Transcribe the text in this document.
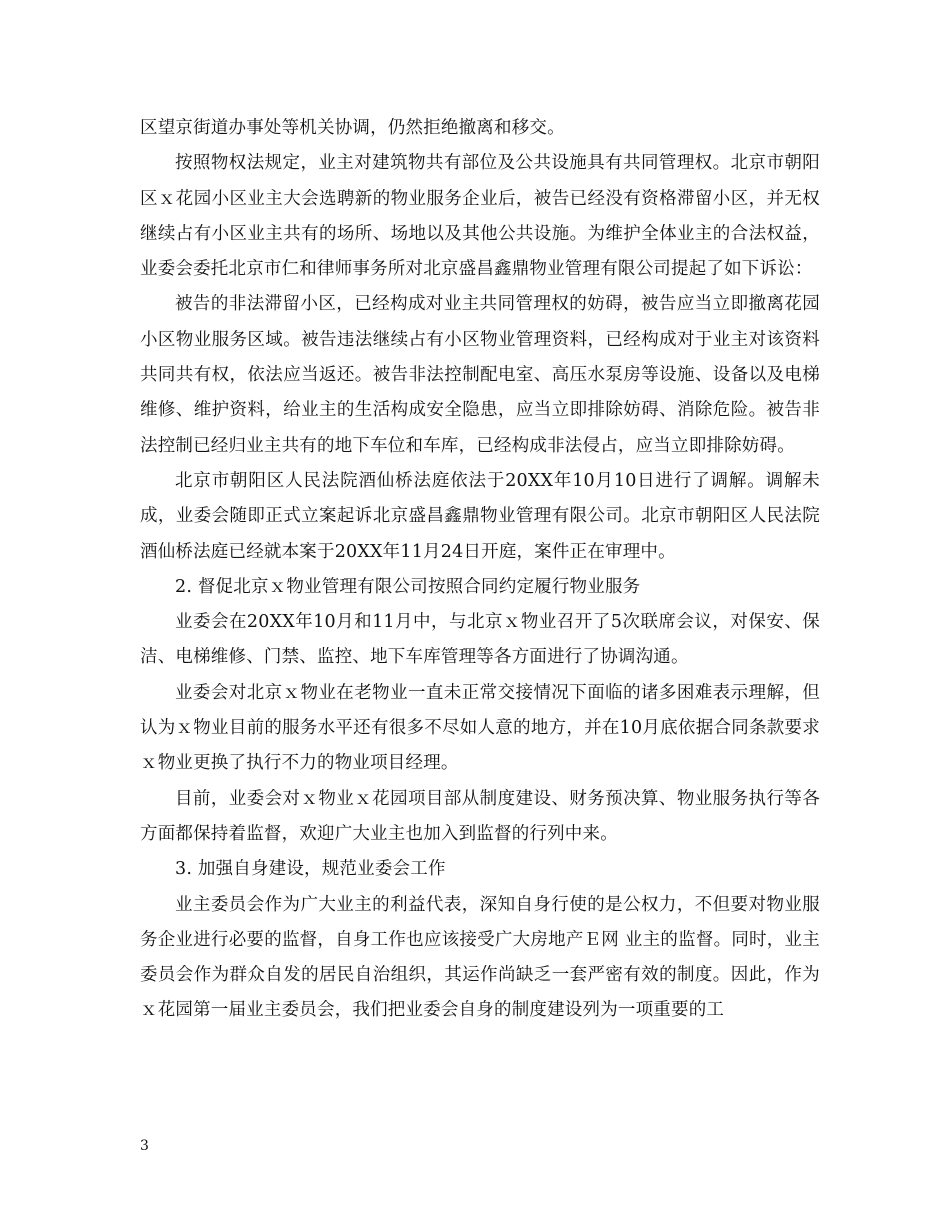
区望京街道办事处等机关协调，仍然拒绝撤离和移交。

按照物权法规定，业主对建筑物共有部位及公共设施具有共同管理权。北京市朝阳区ｘ花园小区业主大会选聘新的物业服务企业后，被告已经没有资格滞留小区，并无权继续占有小区业主共有的场所、场地以及其他公共设施。为维护全体业主的合法权益，业委会委托北京市仁和律师事务所对北京盛昌鑫鼎物业管理有限公司提起了如下诉讼：

被告的非法滞留小区，已经构成对业主共同管理权的妨碍，被告应当立即撤离花园小区物业服务区域。被告违法继续占有小区物业管理资料，已经构成对于业主对该资料共同共有权，依法应当返还。被告非法控制配电室、高压水泵房等设施、设备以及电梯维修、维护资料，给业主的生活构成安全隐患，应当立即排除妨碍、消除危险。被告非法控制已经归业主共有的地下车位和车库，已经构成非法侵占，应当立即排除妨碍。

北京市朝阳区人民法院酒仙桥法庭依法于20XX年10月10日进行了调解。调解未成，业委会随即正式立案起诉北京盛昌鑫鼎物业管理有限公司。北京市朝阳区人民法院酒仙桥法庭已经就本案于20XX年11月24日开庭，案件正在审理中。

2. 督促北京ｘ物业管理有限公司按照合同约定履行物业服务

业委会在20XX年10月和11月中，与北京ｘ物业召开了5次联席会议，对保安、保洁、电梯维修、门禁、监控、地下车库管理等各方面进行了协调沟通。

业委会对北京ｘ物业在老物业一直未正常交接情况下面临的诸多困难表示理解，但认为ｘ物业目前的服务水平还有很多不尽如人意的地方，并在10月底依据合同条款要求ｘ物业更换了执行不力的物业项目经理。

目前，业委会对ｘ物业ｘ花园项目部从制度建设、财务预决算、物业服务执行等各方面都保持着监督，欢迎广大业主也加入到监督的行列中来。

3. 加强自身建设，规范业委会工作

业主委员会作为广大业主的利益代表，深知自身行使的是公权力，不但要对物业服务企业进行必要的监督，自身工作也应该接受广大房地产Ｅ网 业主的监督。同时，业主委员会作为群众自发的居民自治组织，其运作尚缺乏一套严密有效的制度。因此，作为ｘ花园第一届业主委员会，我们把业委会自身的制度建设列为一项重要的工

3
